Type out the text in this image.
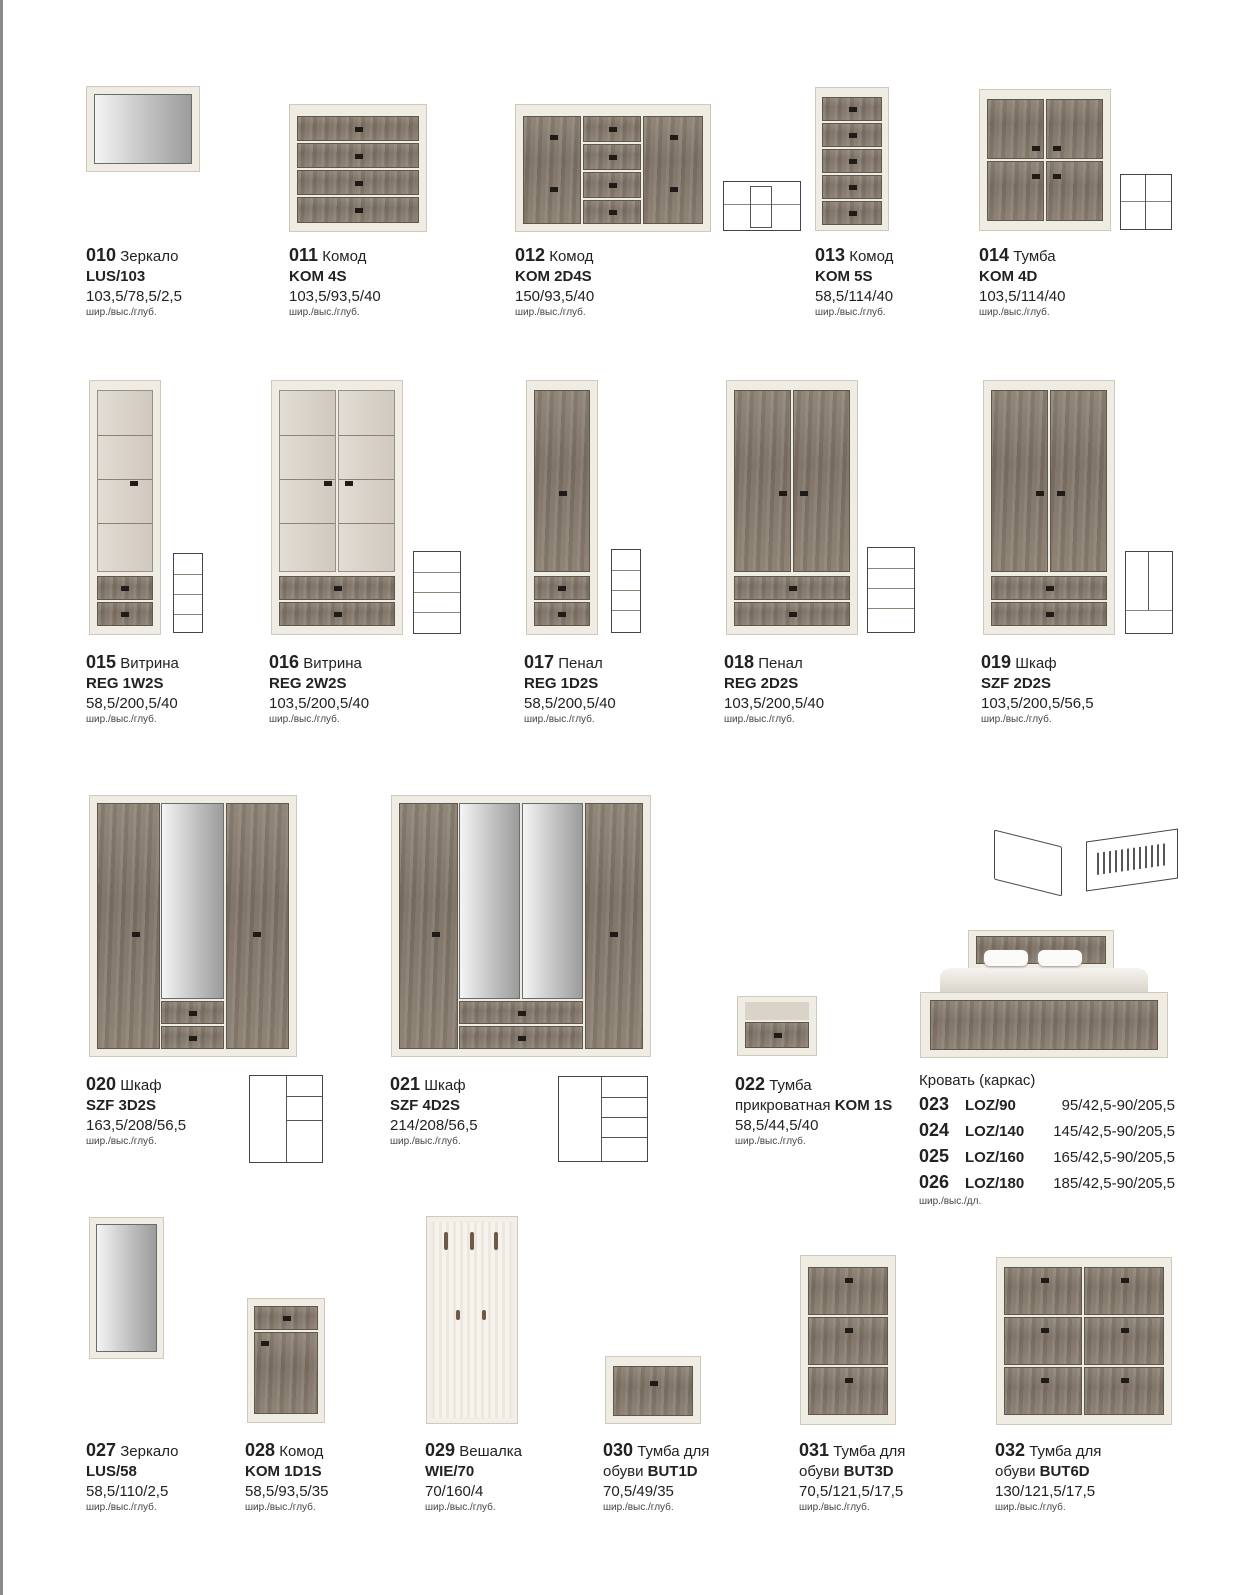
010 Зеркало
LUS/103
103,5/78,5/2,5
шир./выс./глуб.
011 Комод
KOM 4S
103,5/93,5/40
шир./выс./глуб.
012 Комод
KOM 2D4S
150/93,5/40
шир./выс./глуб.
013 Комод
KOM 5S
58,5/114/40
шир./выс./глуб.
014 Тумба
KOM 4D
103,5/114/40
шир./выс./глуб.
015 Витрина
REG 1W2S
58,5/200,5/40
шир./выс./глуб.
016 Витрина
REG 2W2S
103,5/200,5/40
шир./выс./глуб.
017 Пенал
REG 1D2S
58,5/200,5/40
шир./выс./глуб.
018 Пенал
REG 2D2S
103,5/200,5/40
шир./выс./глуб.
019 Шкаф
SZF 2D2S
103,5/200,5/56,5
шир./выс./глуб.
020 Шкаф
SZF 3D2S
163,5/208/56,5
шир./выс./глуб.
021 Шкаф
SZF 4D2S
214/208/56,5
шир./выс./глуб.
022 Тумба
прикроватная KOM 1S
58,5/44,5/40
шир./выс./глуб.
Кровать (каркас)
023	LOZ/90	95/42,5-90/205,5
024	LOZ/140	145/42,5-90/205,5
025	LOZ/160	165/42,5-90/205,5
026	LOZ/180	185/42,5-90/205,5
шир./выс./дл.
027 Зеркало
LUS/58
58,5/110/2,5
шир./выс./глуб.
028 Комод
KOM 1D1S
58,5/93,5/35
шир./выс./глуб.
029 Вешалка
WIE/70
70/160/4
шир./выс./глуб.
030 Тумба для
обуви BUT1D
70,5/49/35
шир./выс./глуб.
031 Тумба для
обуви BUT3D
70,5/121,5/17,5
шир./выс./глуб.
032 Тумба для
обуви BUT6D
130/121,5/17,5
шир./выс./глуб.
